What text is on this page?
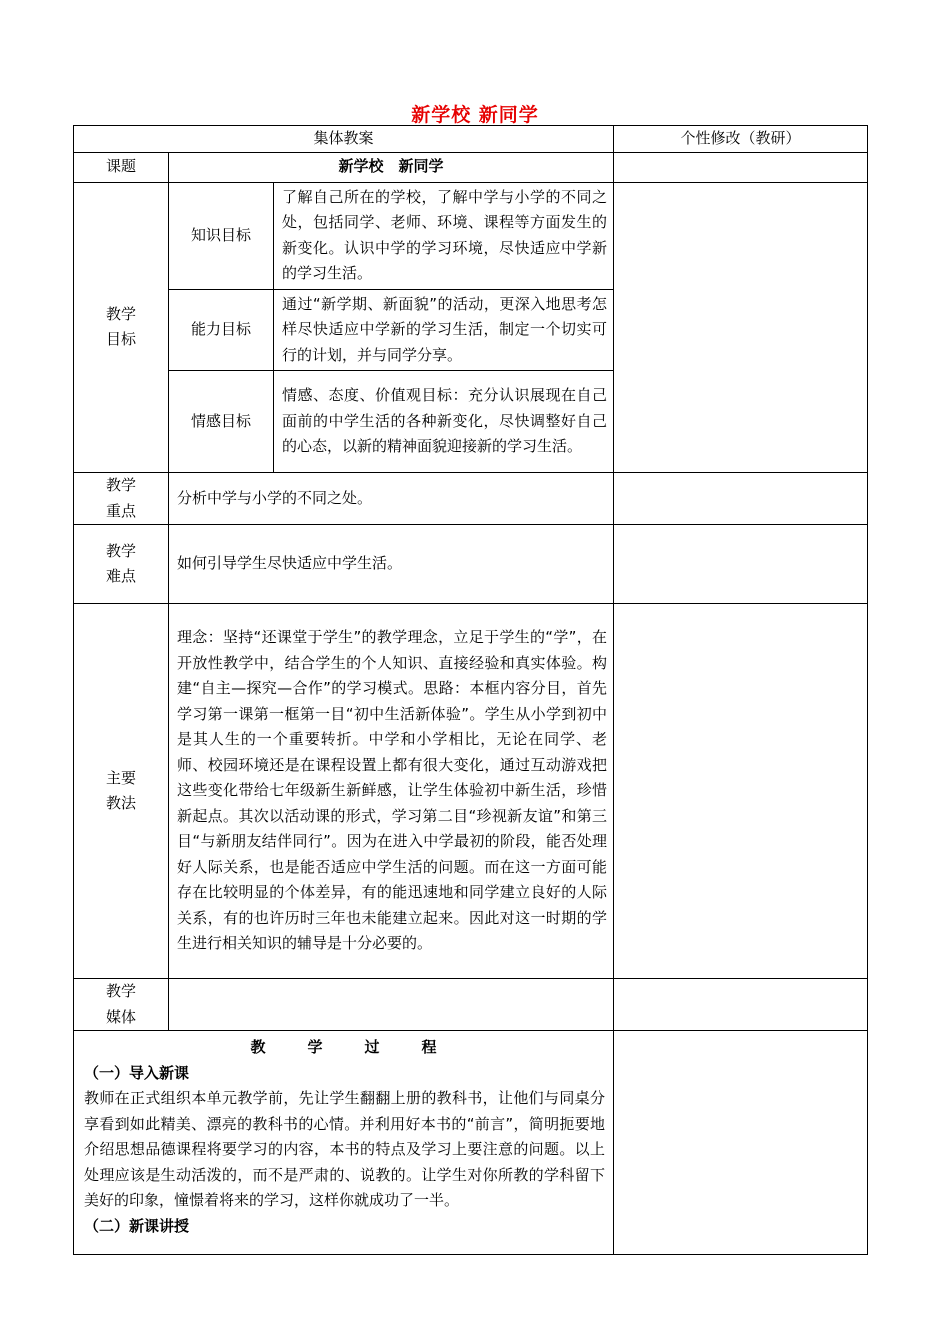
新学校 新同学
集体教案			个性修改（教研）
课题	新学校　新同学		
教学
目标	知识目标	了解自己所在的学校，了解中学与小学的不同之处，包括同学、老师、环境、课程等方面发生的新变化。认识中学的学习环境，尽快适应中学新的学习生活。	
	能力目标	通过“新学期、新面貌”的活动，更深入地思考怎样尽快适应中学新的学习生活，制定一个切实可行的计划，并与同学分享。	
	情感目标	情感、态度、价值观目标：充分认识展现在自己面前的中学生活的各种新变化，尽快调整好自己的心态，以新的精神面貌迎接新的学习生活。	
教学
重点	分析中学与小学的不同之处。		
教学
难点	如何引导学生尽快适应中学生活。		
主要
教法	理念：坚持“还课堂于学生”的教学理念，立足于学生的“学”，在开放性教学中，结合学生的个人知识、直接经验和真实体验。构建“自主—探究—合作”的学习模式。思路：本框内容分目，首先学习第一课第一框第一目“初中生活新体验”。学生从小学到初中是其人生的一个重要转折。中学和小学相比，无论在同学、老师、校园环境还是在课程设置上都有很大变化，通过互动游戏把这些变化带给七年级新生新鲜感，让学生体验初中新生活，珍惜新起点。其次以活动课的形式，学习第二目“珍视新友谊”和第三目“与新朋友结伴同行”。因为在进入中学最初的阶段，能否处理好人际关系，也是能否适应中学生活的问题。而在这一方面可能存在比较明显的个体差异，有的能迅速地和同学建立良好的人际关系，有的也许历时三年也未能建立起来。因此对这一时期的学生进行相关知识的辅导是十分必要的。		
教学
媒体			

教 学 过 程
（一）导入新课
教师在正式组织本单元教学前，先让学生翻翻上册的教科书，让他们与同桌分享看到如此精美、漂亮的教科书的心情。并利用好本书的“前言”，简明扼要地介绍思想品德课程将要学习的内容，本书的特点及学习上要注意的问题。以上处理应该是生动活泼的，而不是严肃的、说教的。让学生对你所教的学科留下美好的印象，憧憬着将来的学习，这样你就成功了一半。
（二）新课讲授			
